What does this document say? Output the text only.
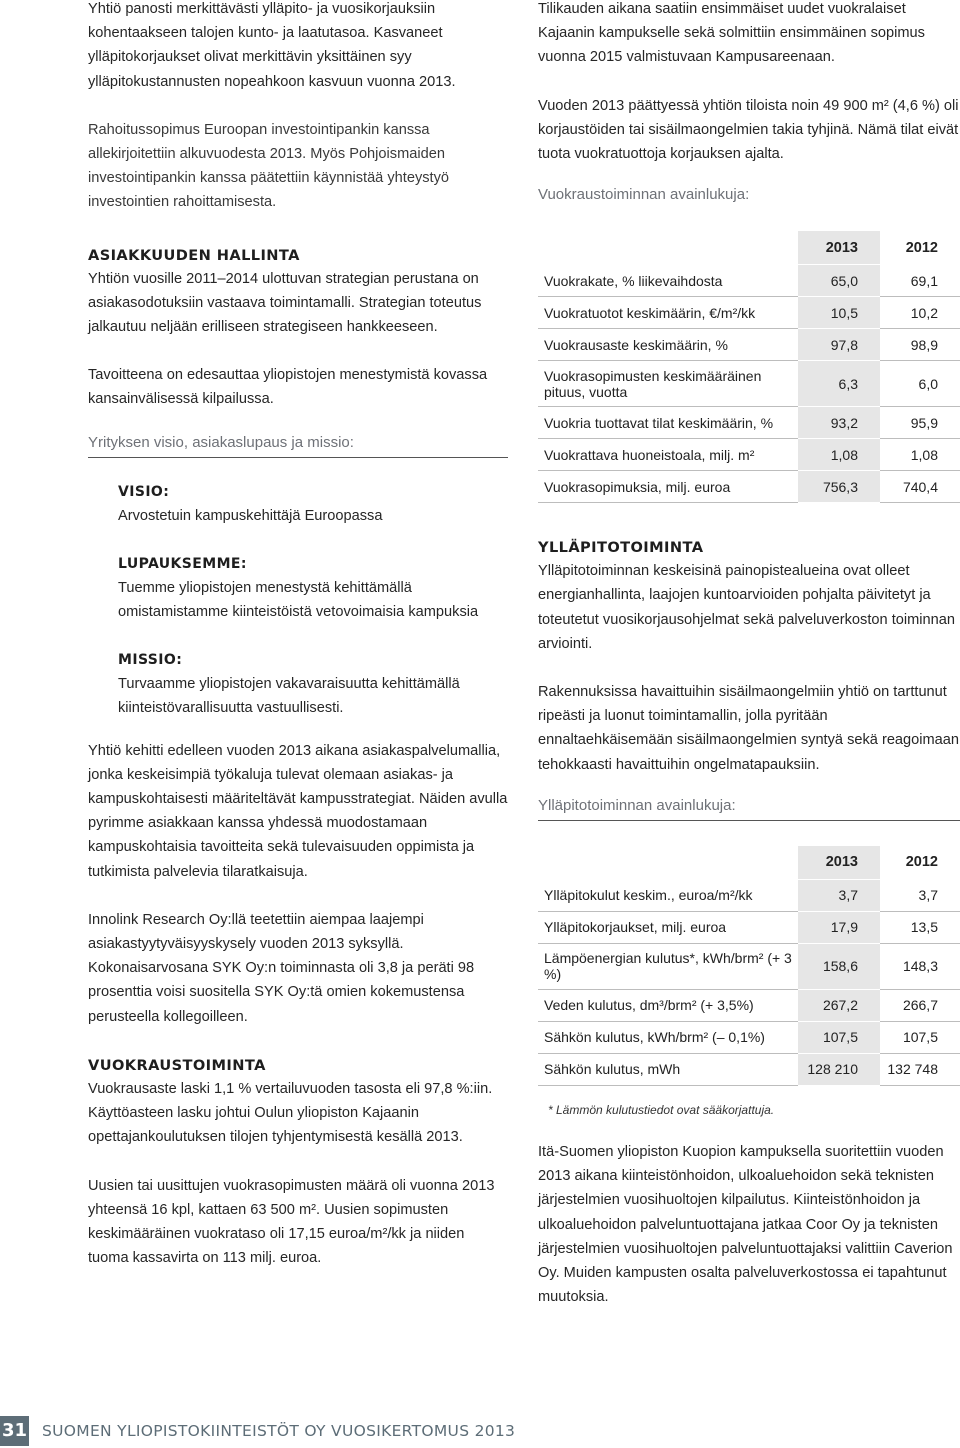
Yhtiö panosti merkittävästi ylläpito- ja vuosikorjauksiin kohentaakseen talojen kunto- ja laatutasoa. Kasvaneet ylläpitokorjaukset olivat merkittävin yksittäinen syy ylläpitokustannusten nopeahkoon kasvuun vuonna 2013.

Rahoitussopimus Euroopan investointipankin kanssa allekirjoitettiin alkuvuodesta 2013. Myös Pohjoismaiden investointipankin kanssa päätettiin käynnistää yhteystyö investointien rahoittamisesta.

ASIAKKUUDEN HALLINTA

Yhtiön vuosille 2011–2014 ulottuvan strategian perustana on asiakasodotuksiin vastaava toimintamalli. Strategian toteutus jalkautuu neljään erilliseen strategiseen hankkeeseen.

Tavoitteena on edesauttaa yliopistojen menestymistä kovassa kansainvälisessä kilpailussa.

Yrityksen visio, asiakaslupaus ja missio:
VISIO:

Arvostetuin kampuskehittäjä Euroopassa

LUPAUKSEMME:

Tuemme yliopistojen menestystä kehittämällä omistamistamme kiinteistöistä vetovoimaisia kampuksia

MISSIO:

Turvaamme yliopistojen vakavaraisuutta kehittämällä kiinteistövarallisuutta vastuullisesti.

Yhtiö kehitti edelleen vuoden 2013 aikana asiakaspalvelumallia, jonka keskeisimpiä työkaluja tulevat olemaan asiakas- ja kampuskohtaisesti määriteltävät kampusstrategiat. Näiden avulla pyrimme asiakkaan kanssa yhdessä muodostamaan kampuskohtaisia tavoitteita sekä tulevaisuuden oppimista ja tutkimista palvelevia tilaratkaisuja.

Innolink Research Oy:llä teetettiin aiempaa laajempi asiakastyytyväisyyskysely vuoden 2013 syksyllä. Kokonaisarvosana SYK Oy:n toiminnasta oli 3,8 ja peräti 98 prosenttia voisi suositella SYK Oy:tä omien kokemustensa perusteella kollegoilleen.

VUOKRAUSTOIMINTA

Vuokrausaste laski 1,1 % vertailuvuoden tasosta eli 97,8 %:iin. Käyttöasteen lasku johtui Oulun yliopiston Kajaanin opettajankoulutuksen tilojen tyhjentymisestä kesällä 2013.

Uusien tai uusittujen vuokrasopimusten määrä oli vuonna 2013 yhteensä 16 kpl, kattaen 63 500 m². Uusien sopimusten keskimääräinen vuokrataso oli 17,15 euroa/m²/kk ja niiden tuoma kassavirta on 113 milj. euroa.

Tilikauden aikana saatiin ensimmäiset uudet vuokralaiset Kajaanin kampukselle sekä solmittiin ensimmäinen sopimus vuonna 2015 valmistuvaan Kampusareenaan.

Vuoden 2013 päättyessä yhtiön tiloista noin 49 900 m² (4,6 %) oli korjaustöiden tai sisäilmaongelmien takia tyhjinä. Nämä tilat eivät tuota vuokratuottoja korjauksen ajalta.

Vuokraustoiminnan avainlukuja:
	2013	2012
Vuokrakate, % liikevaihdosta	65,0	69,1
Vuokratuotot keskimäärin, €/m²/kk	10,5	10,2
Vuokrausaste keskimäärin, %	97,8	98,9
Vuokrasopimusten keskimääräinen pituus, vuotta	6,3	6,0
Vuokria tuottavat tilat keskimäärin, %	93,2	95,9
Vuokrattava huoneistoala, milj. m²	1,08	1,08
Vuokrasopimuksia, milj. euroa	756,3	740,4
YLLÄPITOTOIMINTA

Ylläpitotoiminnan keskeisinä painopistealueina ovat olleet energianhallinta, laajojen kuntoarvioiden pohjalta päivitetyt ja toteutetut vuosikorjausohjelmat sekä palveluverkoston toiminnan arviointi.

Rakennuksissa havaittuihin sisäilmaongelmiin yhtiö on tarttunut ripeästi ja luonut toimintamallin, jolla pyritään ennaltaehkäisemään sisäilmaongelmien syntyä sekä reagoimaan tehokkaasti havaittuihin ongelmatapauksiin.

Ylläpitotoiminnan avainlukuja:
	2013	2012
Ylläpitokulut keskim., euroa/m²/kk	3,7	3,7
Ylläpitokorjaukset, milj. euroa	17,9	13,5
Lämpöenergian kulutus*, kWh/brm² (+ 3 %)	158,6	148,3
Veden kulutus, dm³/brm² (+ 3,5%)	267,2	266,7
Sähkön kulutus, kWh/brm² (– 0,1%)	107,5	107,5
Sähkön kulutus, mWh	128 210	132 748
* Lämmön kulutustiedot ovat sääkorjattuja.

Itä-Suomen yliopiston Kuopion kampuksella suoritettiin vuoden 2013 aikana kiinteistönhoidon, ulkoaluehoidon sekä teknisten järjestelmien vuosihuoltojen kilpailutus. Kiinteistönhoidon ja ulkoaluehoidon palveluntuottajana jatkaa Coor Oy ja teknisten järjestelmien vuosihuoltojen palveluntuottajaksi valittiin Caverion Oy. Muiden kampusten osalta palveluverkostossa ei tapahtunut muutoksia.

31 SUOMEN YLIOPISTOKIINTEISTÖT OY VUOSIKERTOMUS 2013
